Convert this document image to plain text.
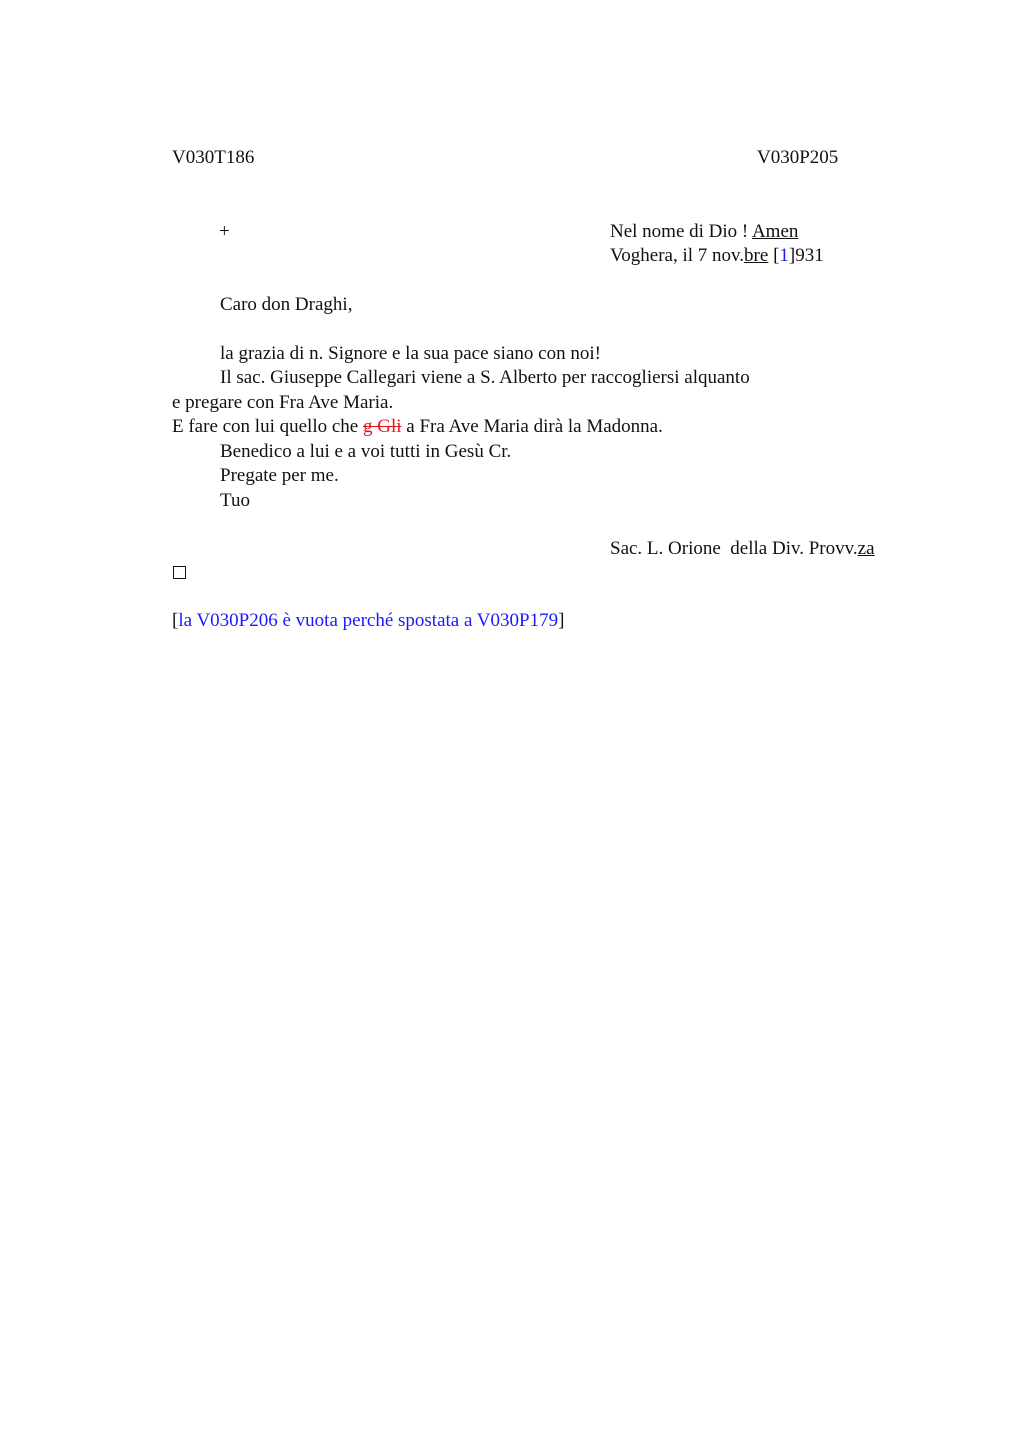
V030T186	V030P205
+	Nel nome di Dio ! Amen
Voghera, il 7 nov.bre [1]931
Caro don Draghi,
la grazia di n. Signore e la sua pace siano con noi!
Il sac. Giuseppe Callegari viene a S. Alberto per raccogliersi alquanto
e pregare con Fra Ave Maria.
E fare con lui quello che g Gli a Fra Ave Maria dirà la Madonna.
Benedico a lui e a voi tutti in Gesù Cr.
Pregate per me.
Tuo
Sac. L. Orione  della Div. Provv.za
[la V030P206 è vuota perché spostata a V030P179]
